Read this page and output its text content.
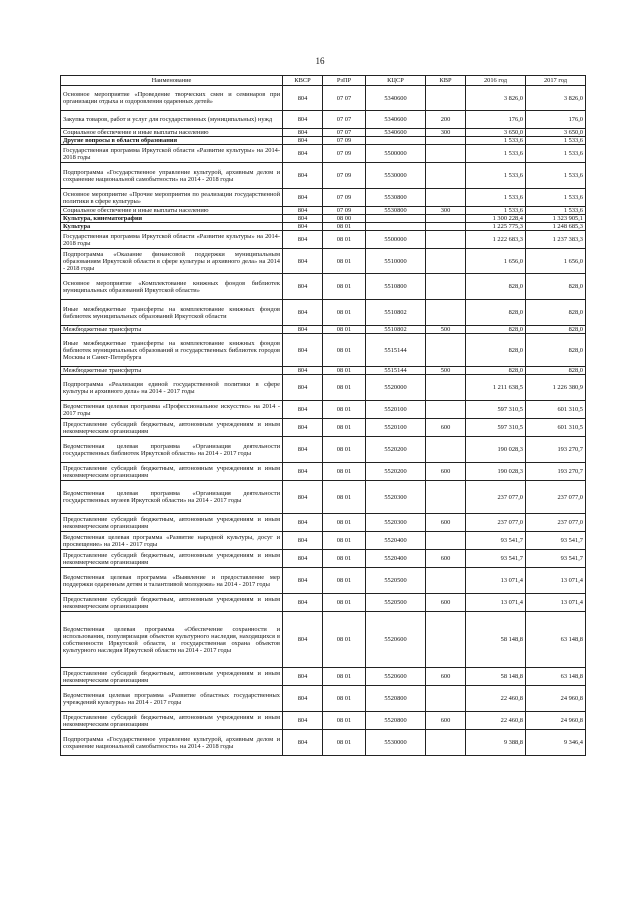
16
Наименование	КВСР	РзПР	КЦСР	КВР	2016 год	2017 год
Основное мероприятие «Проведение творческих смен и семинаров при организации отдыха и оздоровления одаренных детей»	804	07 07	5340600		3 826,0	3 826,0
Закупка товаров, работ и услуг для государственных (муниципальных) нужд	804	07 07	5340600	200	176,0	176,0
Социальное обеспечение и иные выплаты населению	804	07 07	5340600	300	3 650,0	3 650,0
Другие вопросы в области образования	804	07 09			1 533,6	1 533,6
Государственная программа Иркутской области «Развитие культуры» на 2014-2018 годы	804	07 09	5500000		1 533,6	1 533,6
Подпрограмма «Государственное управление культурой, архивным делом и сохранение национальной самобытности» на 2014 - 2018 годы	804	07 09	5530000		1 533,6	1 533,6
Основное мероприятие «Прочие мероприятия по реализации государственной политики в сфере культуры»	804	07 09	5530800		1 533,6	1 533,6
Социальное обеспечение и иные выплаты населению	804	07 09	5530800	300	1 533,6	1 533,6
Культура, кинематография	804	08 00			1 300 228,4	1 323 905,1
Культура	804	08 01			1 225 775,3	1 248 685,3
Государственная программа Иркутской области «Развитие культуры» на 2014-2018 годы	804	08 01	5500000		1 222 683,3	1 237 383,3
Подпрограмма «Оказание финансовой поддержки муниципальным образованиям Иркутской области в сфере культуры и архивного дела» на 2014 - 2018 годы	804	08 01	5510000		1 656,0	1 656,0
Основное мероприятие «Комплектование книжных фондов библиотек муниципальных образований Иркутской области»	804	08 01	5510800		828,0	828,0
Иные межбюджетные трансферты на комплектование книжных фондов библиотек муниципальных образований Иркутской области	804	08 01	5510802		828,0	828,0
Межбюджетные трансферты	804	08 01	5510802	500	828,0	828,0
Иные межбюджетные трансферты на комплектование книжных фондов библиотек муниципальных образований и государственных библиотек городов Москвы и Санкт-Петербурга	804	08 01	5515144		828,0	828,0
Межбюджетные трансферты	804	08 01	5515144	500	828,0	828,0
Подпрограмма «Реализация единой государственной политики в сфере культуры и архивного дела» на 2014 - 2017 годы	804	08 01	5520000		1 211 638,5	1 226 380,9
Ведомственная целевая программа «Профессиональное искусство» на 2014 - 2017 годы	804	08 01	5520100		597 310,5	601 310,5
Предоставление субсидий бюджетным, автономным учреждениям и иным некоммерческим организациям	804	08 01	5520100	600	597 310,5	601 310,5
Ведомственная целевая программа «Организация деятельности государственных библиотек Иркутской области» на 2014 - 2017 годы	804	08 01	5520200		190 028,3	193 270,7
Предоставление субсидий бюджетным, автономным учреждениям и иным некоммерческим организациям	804	08 01	5520200	600	190 028,3	193 270,7
Ведомственная целевая программа «Организация деятельности государственных музеев Иркутской области» на 2014 - 2017 годы	804	08 01	5520300		237 077,0	237 077,0
Предоставление субсидий бюджетным, автономным учреждениям и иным некоммерческим организациям	804	08 01	5520300	600	237 077,0	237 077,0
Ведомственная целевая программа «Развитие народной культуры, досуг и просвещение» на 2014 - 2017 годы	804	08 01	5520400		93 541,7	93 541,7
Предоставление субсидий бюджетным, автономным учреждениям и иным некоммерческим организациям	804	08 01	5520400	600	93 541,7	93 541,7
Ведомственная целевая программа «Выявление и предоставление мер поддержки одаренным детям и талантливой молодежи» на 2014 - 2017 годы	804	08 01	5520500		13 071,4	13 071,4
Предоставление субсидий бюджетным, автономным учреждениям и иным некоммерческим организациям	804	08 01	5520500	600	13 071,4	13 071,4
Ведомственная целевая программа «Обеспечение сохранности и использования, популяризация объектов культурного наследия, находящихся в собственности Иркутской области, и государственная охрана объектов культурного наследия Иркутской области на 2014 - 2017 годы	804	08 01	5520600		58 148,8	63 148,8
Предоставление субсидий бюджетным, автономным учреждениям и иным некоммерческим организациям	804	08 01	5520600	600	58 148,8	63 148,8
Ведомственная целевая программа «Развитие областных государственных учреждений культуры» на 2014 - 2017 годы	804	08 01	5520800		22 460,8	24 960,8
Предоставление субсидий бюджетным, автономным учреждениям и иным некоммерческим организациям	804	08 01	5520800	600	22 460,8	24 960,8
Подпрограмма «Государственное управление культурой, архивным делом и сохранение национальной самобытности» на 2014 - 2018 годы	804	08 01	5530000		9 388,8	9 346,4
